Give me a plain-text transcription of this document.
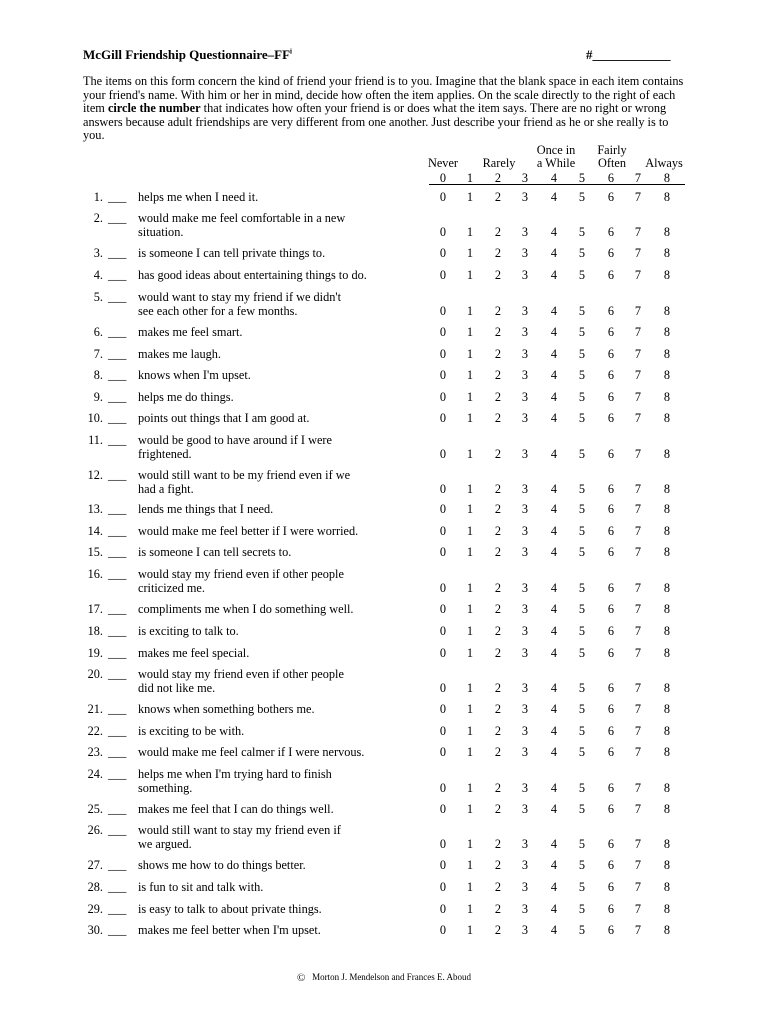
McGill Friendship Questionnaire–$FF^i$	#____________
The items on this form concern the kind of friend your friend is to you. Imagine that the blank space in each item contains your friend's name. With him or her in mind, decide how often the item applies. On the scale directly to the right of each item circle the number that indicates how often your friend is or does what the item says. There are no right or wrong answers because adult friendships are very different from one another. Just describe your friend as he or she really is to you.
Never	Rarely
Once in
a While
Fairly
Often	Always
0	1	2	3	4	5	6	7	8
1. ___ helps me when I need it.	0	1	2	3	4	5	6	7	8
2. ___ would make me feel comfortable in a new
situation.	0	1	2	3	4	5	6	7	8
3. ___ is someone I can tell private things to.	0	1	2	3	4	5	6	7	8
4. ___ has good ideas about entertaining things to do.	0	1	2	3	4	5	6	7	8
5. ___ would want to stay my friend if we didn't
see each other for a few months.	0	1	2	3	4	5	6	7	8
6. ___ makes me feel smart.	0	1	2	3	4	5	6	7	8
7. ___ makes me laugh.	0	1	2	3	4	5	6	7	8
8. ___ knows when I'm upset.	0	1	2	3	4	5	6	7	8
9. ___ helps me do things.	0	1	2	3	4	5	6	7	8
10. ___ points out things that I am good at.	0	1	2	3	4	5	6	7	8
11. ___ would be good to have around if I were
frightened.	0	1	2	3	4	5	6	7	8
12. ___ would still want to be my friend even if we
had a fight.	0	1	2	3	4	5	6	7	8
13. ___ lends me things that I need.	0	1	2	3	4	5	6	7	8
14. ___ would make me feel better if I were worried.	0	1	2	3	4	5	6	7	8
15. ___ is someone I can tell secrets to.	0	1	2	3	4	5	6	7	8
16. ___ would stay my friend even if other people
criticized me.	0	1	2	3	4	5	6	7	8
17. ___ compliments me when I do something well.	0	1	2	3	4	5	6	7	8
18. ___ is exciting to talk to.	0	1	2	3	4	5	6	7	8
19. ___ makes me feel special.	0	1	2	3	4	5	6	7	8
20. ___ would stay my friend even if other people
did not like me.	0	1	2	3	4	5	6	7	8
21. ___ knows when something bothers me.	0	1	2	3	4	5	6	7	8
22. ___ is exciting to be with.	0	1	2	3	4	5	6	7	8
23. ___ would make me feel calmer if I were nervous.	0	1	2	3	4	5	6	7	8
24. ___ helps me when I'm trying hard to finish
something.	0	1	2	3	4	5	6	7	8
25. ___ makes me feel that I can do things well.	0	1	2	3	4	5	6	7	8
26. ___ would still want to stay my friend even if
we argued.	0	1	2	3	4	5	6	7	8
27. ___ shows me how to do things better.	0	1	2	3	4	5	6	7	8
28. ___ is fun to sit and talk with.	0	1	2	3	4	5	6	7	8
29. ___ is easy to talk to about private things.	0	1	2	3	4	5	6	7	8
30. ___ makes me feel better when I'm upset.	0	1	2	3	4	5	6	7	8
© Morton J. Mendelson and Frances E. Aboud
